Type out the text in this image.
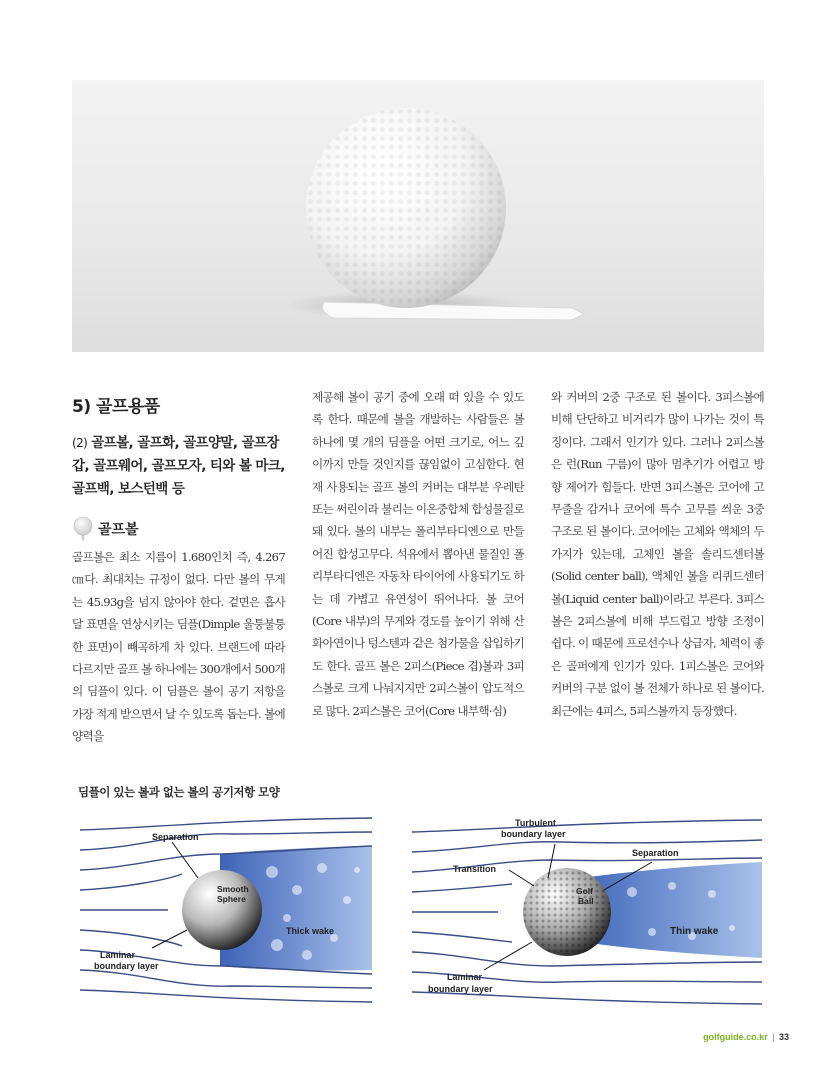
5) 골프용품
(2) 골프볼, 골프화, 골프양말, 골프장갑, 골프웨어, 골프모자, 티와 볼 마크, 골프백, 보스턴백 등
골프볼
골프볼은 최소 지름이 1.680인치 즉, 4.267㎝다. 최대치는 규정이 없다. 다만 볼의 무게는 45.93g을 넘지 않아야 한다. 겉면은 흡사 달 표면을 연상시키는 딤플(Dimple 울퉁불퉁한 표면)이 빼곡하게 차 있다. 브랜드에 따라 다르지만 골프 볼 하나에는 300개에서 500개의 딤플이 있다. 이 딤플은 볼이 공기 저항을 가장 적게 받으면서 날 수 있도록 돕는다. 볼에 양력을
제공해 볼이 공기 중에 오래 떠 있을 수 있도록 한다. 때문에 볼을 개발하는 사람들은 볼 하나에 몇 개의 딤플을 어떤 크기로, 어느 깊이까지 만들 것인지를 끊임없이 고심한다. 현재 사용되는 골프 볼의 커버는 대부분 우레탄 또는 써린이라 불리는 이온중합체 합성물질로 돼 있다. 볼의 내부는 폴리부타디엔으로 만들어진 합성고무다. 석유에서 뽑아낸 물질인 폴리부타디엔은 자동차 타이어에 사용되기도 하는 데 가볍고 유연성이 뛰어나다. 볼 코어(Core 내부)의 무게와 경도를 높이기 위해 산화아연이나 텅스텐과 같은 첨가물을 삽입하기도 한다. 골프 볼은 2피스(Piece 겹)볼과 3피스볼로 크게 나눠지지만 2피스볼이 압도적으로 많다. 2피스볼은 코어(Core 내부핵·심)
와 커버의 2중 구조로 된 볼이다. 3피스볼에 비해 단단하고 비거리가 많이 나가는 것이 특징이다. 그래서 인기가 있다. 그러나 2피스볼은 런(Run 구름)이 많아 멈추기가 어렵고 방향 제어가 힘들다. 반면 3피스볼은 코어에 고무줄을 감거나 코어에 특수 고무를 씌운 3중 구조로 된 볼이다. 코어에는 고체와 액체의 두 가지가 있는데, 고체인 볼을 솔리드센터볼(Solid center ball), 액체인 볼을 리퀴드센터볼(Liquid center ball)이라고 부른다. 3피스볼은 2피스볼에 비해 부드럽고 방향 조정이 쉽다. 이 때문에 프로선수나 상급자, 체력이 좋은 골퍼에게 인기가 있다. 1피스볼은 코어와 커버의 구분 없이 볼 전체가 하나로 된 볼이다. 최근에는 4피스, 5피스볼까지 등장했다.
딤플이 있는 볼과 없는 볼의 공기저항 모양
Separation
Smooth
Sphere
Thick wake
Laminar
boundary layer
Turbulent
boundary layer
Transition
Separation
Golf
Ball
Thin wake
Laminar
boundary layer
golfguide.co.kr | 33
